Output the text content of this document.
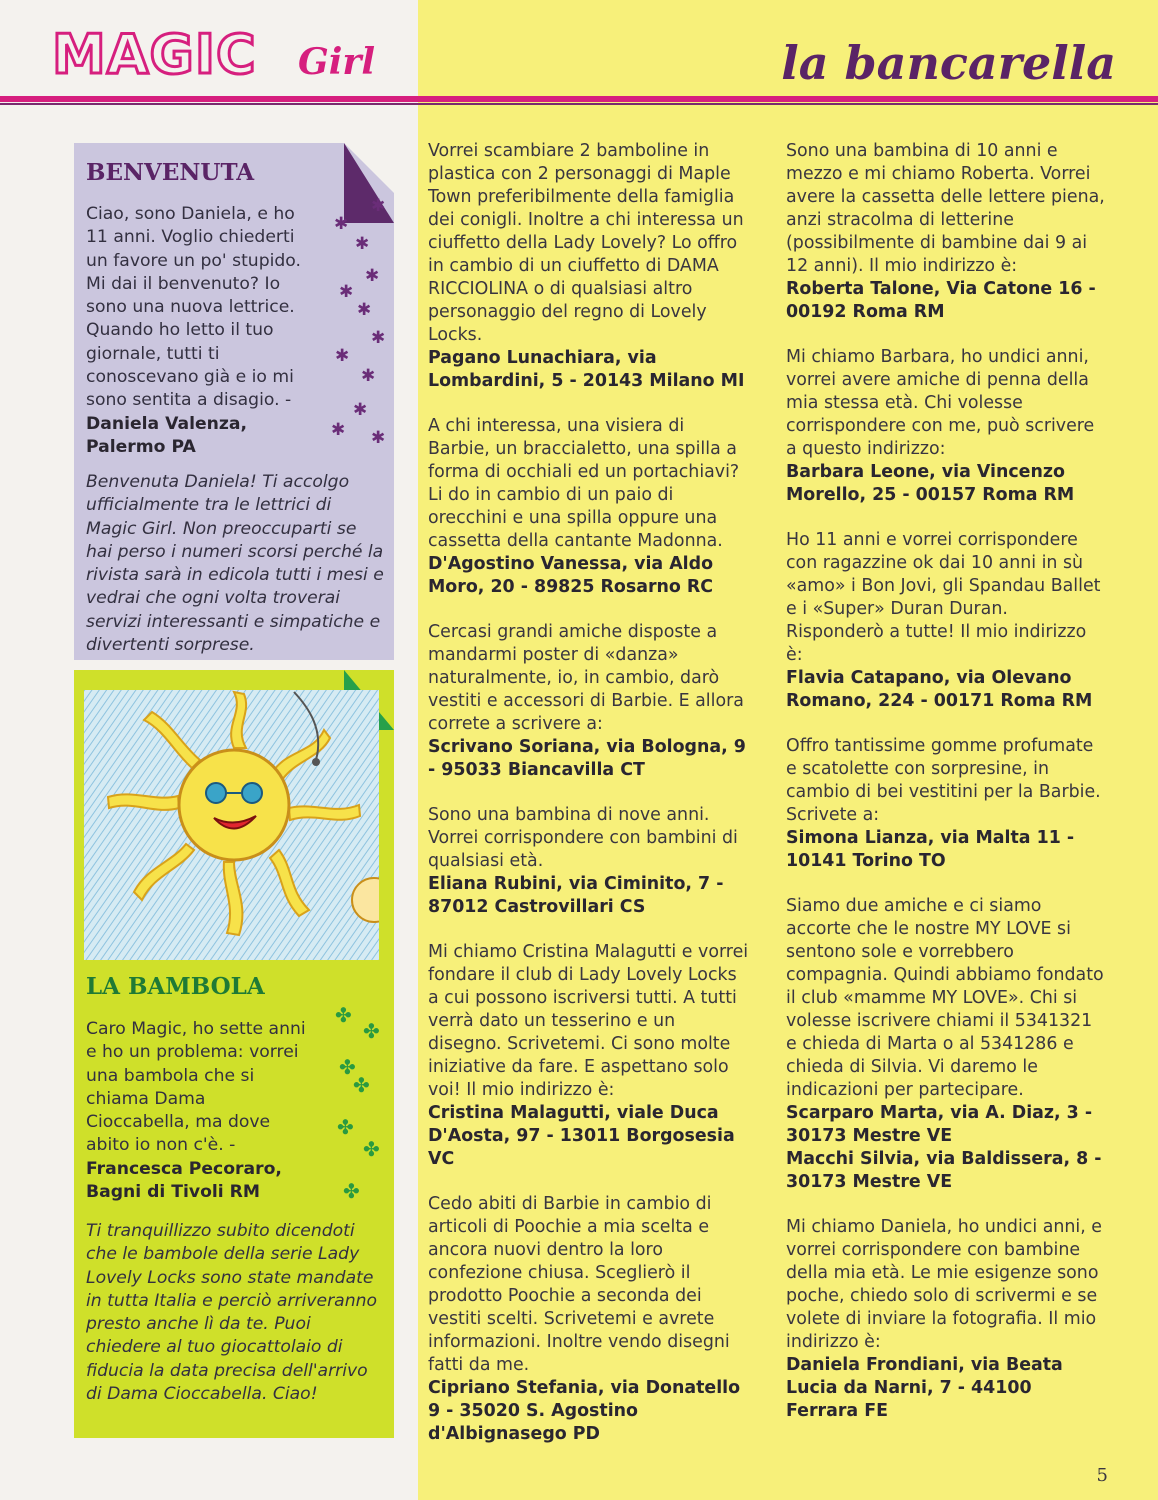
MAGIC Girl	la bancarella
BENVENUTA

Ciao, sono Daniela, e ho 11 anni. Voglio chiederti un favore un po' stupido. Mi dai il benvenuto? Io sono una nuova lettrice. Quando ho letto il tuo giornale, tutti ti conoscevano già e io mi sono sentita a disagio. - Daniela Valenza, Palermo PA

✱
✱
✱
✱
✱
✱
✱
✱
✱
✱
✱ ✱

Benvenuta Daniela! Ti accolgo ufficialmente tra le lettrici di Magic Girl. Non preoccuparti se hai perso i numeri scorsi perché la rivista sarà in edicola tutti i mesi e vedrai che ogni volta troverai servizi interessanti e simpatiche e divertenti sorprese.

LA BAMBOLA

Caro Magic, ho sette anni e ho un problema: vorrei una bambola che si chiama Dama Cioccabella, ma dove abito io non c'è. - Francesca Pecoraro, Bagni di Tivoli RM

✤
✤
✤
✤
✤
✤
✤

Ti tranquillizzo subito dicendoti che le bambole della serie Lady Lovely Locks sono state mandate in tutta Italia e perciò arriveranno presto anche lì da te. Puoi chiedere al tuo giocattolaio di fiducia la data precisa dell'arrivo di Dama Cioccabella. Ciao!

Vorrei scambiare 2 bamboline in plastica con 2 personaggi di Maple Town preferibilmente della famiglia dei conigli. Inoltre a chi interessa un ciuffetto della Lady Lovely? Lo offro in cambio di un ciuffetto di DAMA RICCIOLINA o di qualsiasi altro personaggio del regno di Lovely Locks.
Pagano Lunachiara, via Lombardini, 5 - 20143 Milano MI
A chi interessa, una visiera di Barbie, un braccialetto, una spilla a forma di occhiali ed un portachiavi? Li do in cambio di un paio di orecchini e una spilla oppure una cassetta della cantante Madonna.
D'Agostino Vanessa, via Aldo Moro, 20 - 89825 Rosarno RC
Cercasi grandi amiche disposte a mandarmi poster di «danza» naturalmente, io, in cambio, darò vestiti e accessori di Barbie. E allora correte a scrivere a:
Scrivano Soriana, via Bologna, 9 - 95033 Biancavilla CT
Sono una bambina di nove anni. Vorrei corrispondere con bambini di qualsiasi età.
Eliana Rubini, via Ciminito, 7 - 87012 Castrovillari CS
Mi chiamo Cristina Malagutti e vorrei fondare il club di Lady Lovely Locks a cui possono iscriversi tutti. A tutti verrà dato un tesserino e un disegno. Scrivetemi. Ci sono molte iniziative da fare. E aspettano solo voi! Il mio indirizzo è:
Cristina Malagutti, viale Duca D'Aosta, 97 - 13011 Borgosesia VC
Cedo abiti di Barbie in cambio di articoli di Poochie a mia scelta e ancora nuovi dentro la loro confezione chiusa. Sceglierò il prodotto Poochie a seconda dei vestiti scelti. Scrivetemi e avrete informazioni. Inoltre vendo disegni fatti da me.
Cipriano Stefania, via Donatello 9 - 35020 S. Agostino d'Albignasego PD
Sono una bambina di 10 anni e mezzo e mi chiamo Roberta. Vorrei avere la cassetta delle lettere piena, anzi stracolma di letterine (possibilmente di bambine dai 9 ai 12 anni). Il mio indirizzo è:
Roberta Talone, Via Catone 16 - 00192 Roma RM
Mi chiamo Barbara, ho undici anni, vorrei avere amiche di penna della mia stessa età. Chi volesse corrispondere con me, può scrivere a questo indirizzo:
Barbara Leone, via Vincenzo Morello, 25 - 00157 Roma RM
Ho 11 anni e vorrei corrispondere con ragazzine ok dai 10 anni in sù «amo» i Bon Jovi, gli Spandau Ballet e i «Super» Duran Duran. Risponderò a tutte! Il mio indirizzo è:
Flavia Catapano, via Olevano Romano, 224 - 00171 Roma RM
Offro tantissime gomme profumate e scatolette con sorpresine, in cambio di bei vestitini per la Barbie. Scrivete a:
Simona Lianza, via Malta 11 - 10141 Torino TO
Siamo due amiche e ci siamo accorte che le nostre MY LOVE si sentono sole e vorrebbero compagnia. Quindi abbiamo fondato il club «mamme MY LOVE». Chi si volesse iscrivere chiami il 5341321 e chieda di Marta o al 5341286 e chieda di Silvia. Vi daremo le indicazioni per partecipare.
Scarparo Marta, via A. Diaz, 3 - 30173 Mestre VE
Macchi Silvia, via Baldissera, 8 - 30173 Mestre VE
Mi chiamo Daniela, ho undici anni, e vorrei corrispondere con bambine della mia età. Le mie esigenze sono poche, chiedo solo di scrivermi e se volete di inviare la fotografia. Il mio indirizzo è:
Daniela Frondiani, via Beata Lucia da Narni, 7 - 44100 Ferrara FE
5
